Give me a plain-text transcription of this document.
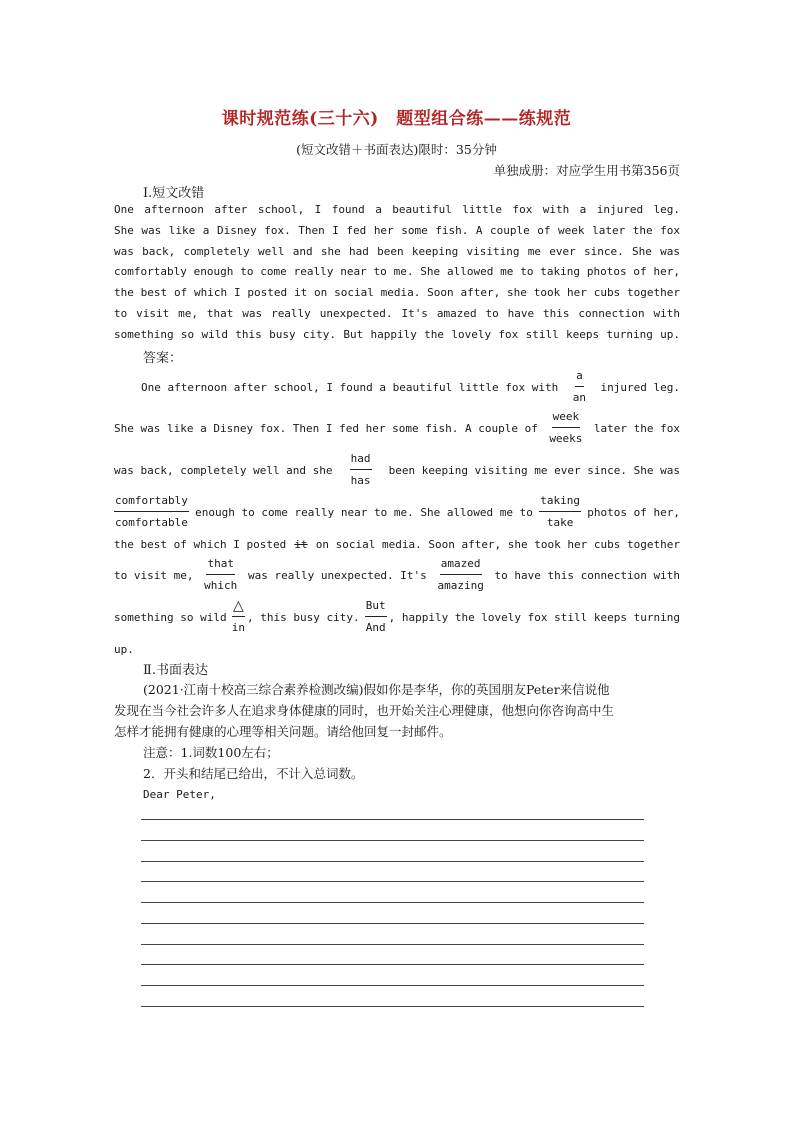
课时规范练(三十六)　题型组合练——练规范
(短文改错＋书面表达)限时：35分钟
单独成册：对应学生用书第356页
Ⅰ.短文改错
One afternoon after school, I found a beautiful little fox with a injured leg.
She was like a Disney fox. Then I fed her some fish. A couple of week later the fox
was back, completely well and she had been keeping visiting me ever since. She was
comfortably enough to come really near to me. She allowed me to taking photos of her,
the best of which I posted it on social media. Soon after, she took her cubs together
to visit me, that was really unexpected. It's amazed to have this connection with
something so wild this busy city. But happily the lovely fox still keeps turning up.
答案：
One afternoon after school, I found a beautiful little fox with
a
an
injured leg.
She was like a Disney fox. Then I fed her some fish. A couple of
week
weeks
later the fox
was back, completely well and she
had
has
been keeping visiting me ever since. She was
comfortably
comfortable
enough to come really near to me. She allowed me to
taking
take
photos of her,
the best of which I posted it on social media. Soon after, she took her cubs together
to visit me,
that
which
was really unexpected. It's
amazed
amazing
to have this connection with
something so wild
△
in
, this busy city.
But
And
, happily the lovely fox still keeps turning
up.
Ⅱ.书面表达
(2021·江南十校高三综合素养检测改编)假如你是李华，你的英国朋友Peter来信说他
发现在当今社会许多人在追求身体健康的同时，也开始关注心理健康，他想向你咨询高中生
怎样才能拥有健康的心理等相关问题。请给他回复一封邮件。
注意：1.词数100左右；
2．开头和结尾已给出，不计入总词数。
Dear Peter,
